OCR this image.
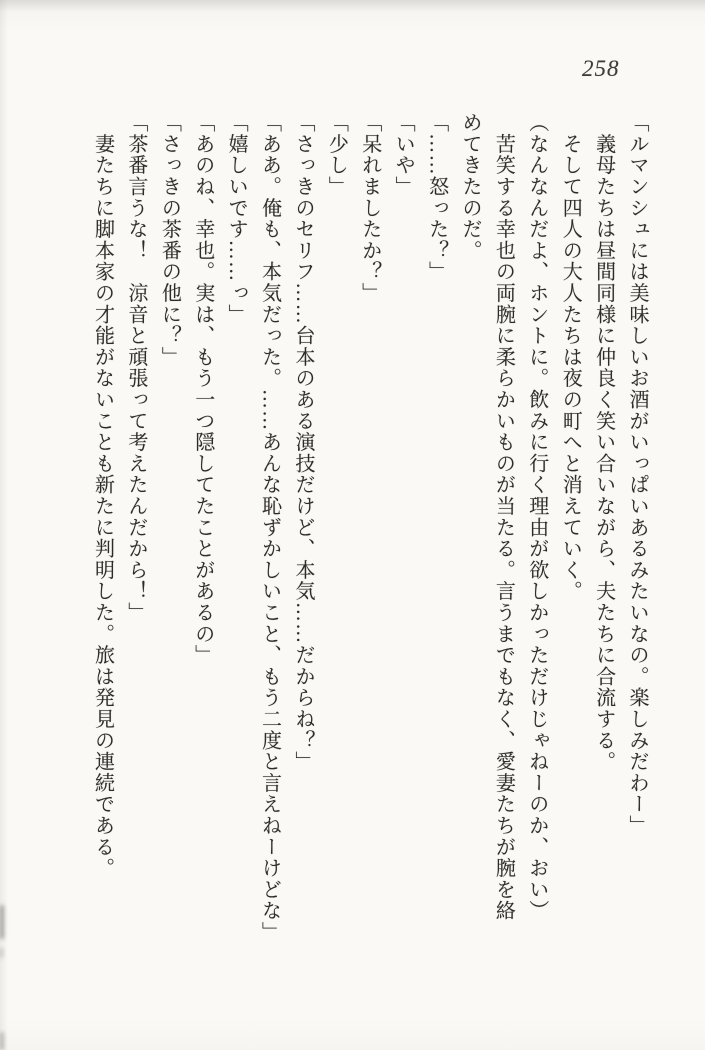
258

「ルマンシュには美味しいお酒がいっぱいあるみたいなの。楽しみだわー」

　義母たちは昼間同様に仲良く笑い合いながら、夫たちに合流する。

　そして四人の大人たちは夜の町へと消えていく。

（なんなんだよ、ホントに。飲みに行く理由が欲しかっただけじゃねーのか、おい）

　苦笑する幸也の両腕に柔らかいものが当たる。言うまでもなく、愛妻たちが腕を絡

めてきたのだ。

「……怒った？」

「いや」

「呆れましたか？」

「少し」

「さっきのセリフ……台本のある演技だけど、本気……だからね？」

「ああ。俺も、本気だった。……あんな恥ずかしいこと、もう二度と言えねーけどな」

「嬉しいです……っ」

「あのね、幸也。実は、もう一つ隠してたことがあるの」

「さっきの茶番の他に？」

「茶番言うな！　涼音と頑張って考えたんだから！」

　妻たちに脚本家の才能がないことも新たに判明した。旅は発見の連続である。
